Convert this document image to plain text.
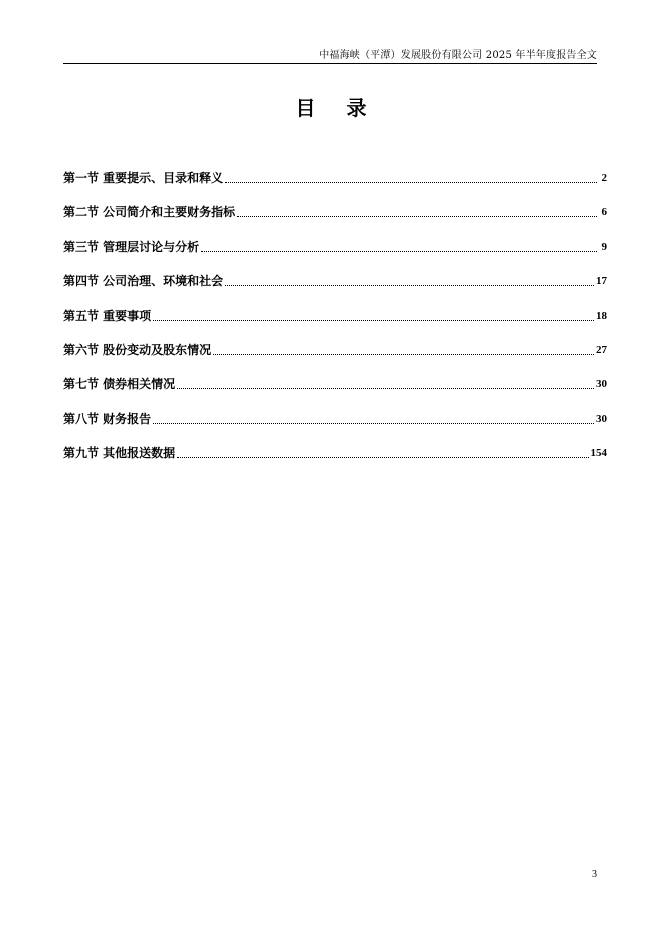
中福海峡（平潭）发展股份有限公司 2025 年半年度报告全文
目 录
第一节 重要提示、目录和释义	2
第二节 公司简介和主要财务指标	6
第三节 管理层讨论与分析	9
第四节 公司治理、环境和社会	17
第五节 重要事项	18
第六节 股份变动及股东情况	27
第七节 债券相关情况	30
第八节 财务报告	30
第九节 其他报送数据	154
3
